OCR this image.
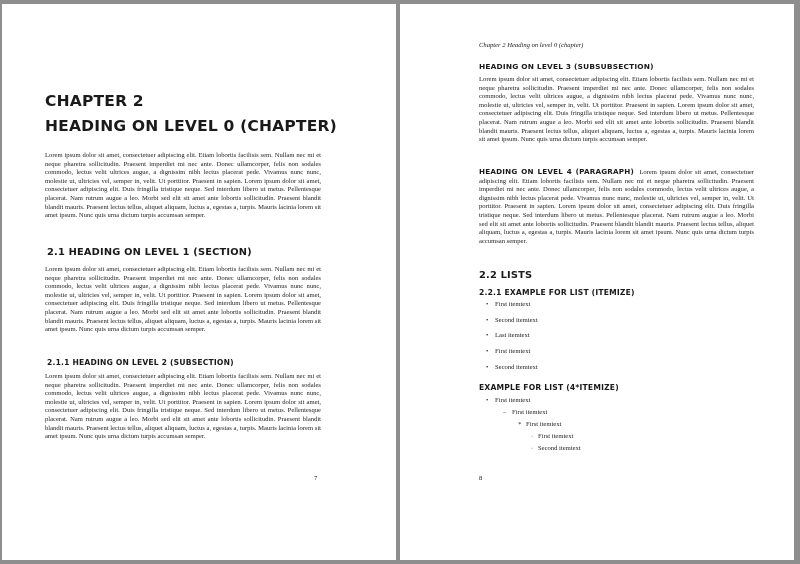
CHAPTER 2

HEADING ON LEVEL 0 (CHAPTER)

Lorem ipsum dolor sit amet, consectetuer adipiscing elit. Etiam lobortis facilisis sem. Nullam nec mi et neque pharetra sollicitudin. Praesent imperdiet mi nec ante. Donec ullamcorper, felis non sodales commodo, lectus velit ultrices augue, a dignissim nibh lectus placerat pede. Vivamus nunc nunc, molestie ut, ultricies vel, semper in, velit. Ut porttitor. Praesent in sapien. Lorem ipsum dolor sit amet, consectetuer adipiscing elit. Duis fringilla tristique neque. Sed interdum libero ut metus. Pellentesque placerat. Nam rutrum augue a leo. Morbi sed elit sit amet ante lobortis sollicitudin. Praesent blandit blandit mauris. Praesent lectus tellus, aliquet aliquam, luctus a, egestas a, turpis. Mauris lacinia lorem sit amet ipsum. Nunc quis urna dictum turpis accumsan semper.

2.1 HEADING ON LEVEL 1 (SECTION)

Lorem ipsum dolor sit amet, consectetuer adipiscing elit. Etiam lobortis facilisis sem. Nullam nec mi et neque pharetra sollicitudin. Praesent imperdiet mi nec ante. Donec ullamcorper, felis non sodales commodo, lectus velit ultrices augue, a dignissim nibh lectus placerat pede. Vivamus nunc nunc, molestie ut, ultricies vel, semper in, velit. Ut porttitor. Praesent in sapien. Lorem ipsum dolor sit amet, consectetuer adipiscing elit. Duis fringilla tristique neque. Sed interdum libero ut metus. Pellentesque placerat. Nam rutrum augue a leo. Morbi sed elit sit amet ante lobortis sollicitudin. Praesent blandit blandit mauris. Praesent lectus tellus, aliquet aliquam, luctus a, egestas a, turpis. Mauris lacinia lorem sit amet ipsum. Nunc quis urna dictum turpis accumsan semper.

2.1.1 HEADING ON LEVEL 2 (SUBSECTION)

Lorem ipsum dolor sit amet, consectetuer adipiscing elit. Etiam lobortis facilisis sem. Nullam nec mi et neque pharetra sollicitudin. Praesent imperdiet mi nec ante. Donec ullamcorper, felis non sodales commodo, lectus velit ultrices augue, a dignissim nibh lectus placerat pede. Vivamus nunc nunc, molestie ut, ultricies vel, semper in, velit. Ut porttitor. Praesent in sapien. Lorem ipsum dolor sit amet, consectetuer adipiscing elit. Duis fringilla tristique neque. Sed interdum libero ut metus. Pellentesque placerat. Nam rutrum augue a leo. Morbi sed elit sit amet ante lobortis sollicitudin. Praesent blandit blandit mauris. Praesent lectus tellus, aliquet aliquam, luctus a, egestas a, turpis. Mauris lacinia lorem sit amet ipsum. Nunc quis urna dictum turpis accumsan semper.

7

Chapter 2 Heading on level 0 (chapter)

HEADING ON LEVEL 3 (SUBSUBSECTION)

Lorem ipsum dolor sit amet, consectetuer adipiscing elit. Etiam lobortis facilisis sem. Nullam nec mi et neque pharetra sollicitudin. Praesent imperdiet mi nec ante. Donec ullamcorper, felis non sodales commodo, lectus velit ultrices augue, a dignissim nibh lectus placerat pede. Vivamus nunc nunc, molestie ut, ultricies vel, semper in, velit. Ut porttitor. Praesent in sapien. Lorem ipsum dolor sit amet, consectetuer adipiscing elit. Duis fringilla tristique neque. Sed interdum libero ut metus. Pellentesque placerat. Nam rutrum augue a leo. Morbi sed elit sit amet ante lobortis sollicitudin. Praesent blandit blandit mauris. Praesent lectus tellus, aliquet aliquam, luctus a, egestas a, turpis. Mauris lacinia lorem sit amet ipsum. Nunc quis urna dictum turpis accumsan semper.

HEADING ON LEVEL 4 (PARAGRAPH) Lorem ipsum dolor sit amet, consectetuer adipiscing elit. Etiam lobortis facilisis sem. Nullam nec mi et neque pharetra sollicitudin. Praesent imperdiet mi nec ante. Donec ullamcorper, felis non sodales commodo, lectus velit ultrices augue, a dignissim nibh lectus placerat pede. Vivamus nunc nunc, molestie ut, ultricies vel, semper in, velit. Ut porttitor. Praesent in sapien. Lorem ipsum dolor sit amet, consectetuer adipiscing elit. Duis fringilla tristique neque. Sed interdum libero ut metus. Pellentesque placerat. Nam rutrum augue a leo. Morbi sed elit sit amet ante lobortis sollicitudin. Praesent blandit blandit mauris. Praesent lectus tellus, aliquet aliquam, luctus a, egestas a, turpis. Mauris lacinia lorem sit amet ipsum. Nunc quis urna dictum turpis accumsan semper.

2.2 LISTS

2.2.1 EXAMPLE FOR LIST (ITEMIZE)

• First itemtext

• Second itemtext

• Last itemtext

• First itemtext

• Second itemtext

EXAMPLE FOR LIST (4*ITEMIZE)

• First itemtext

– First itemtext

∗ First itemtext

· First itemtext

· Second itemtext

8
